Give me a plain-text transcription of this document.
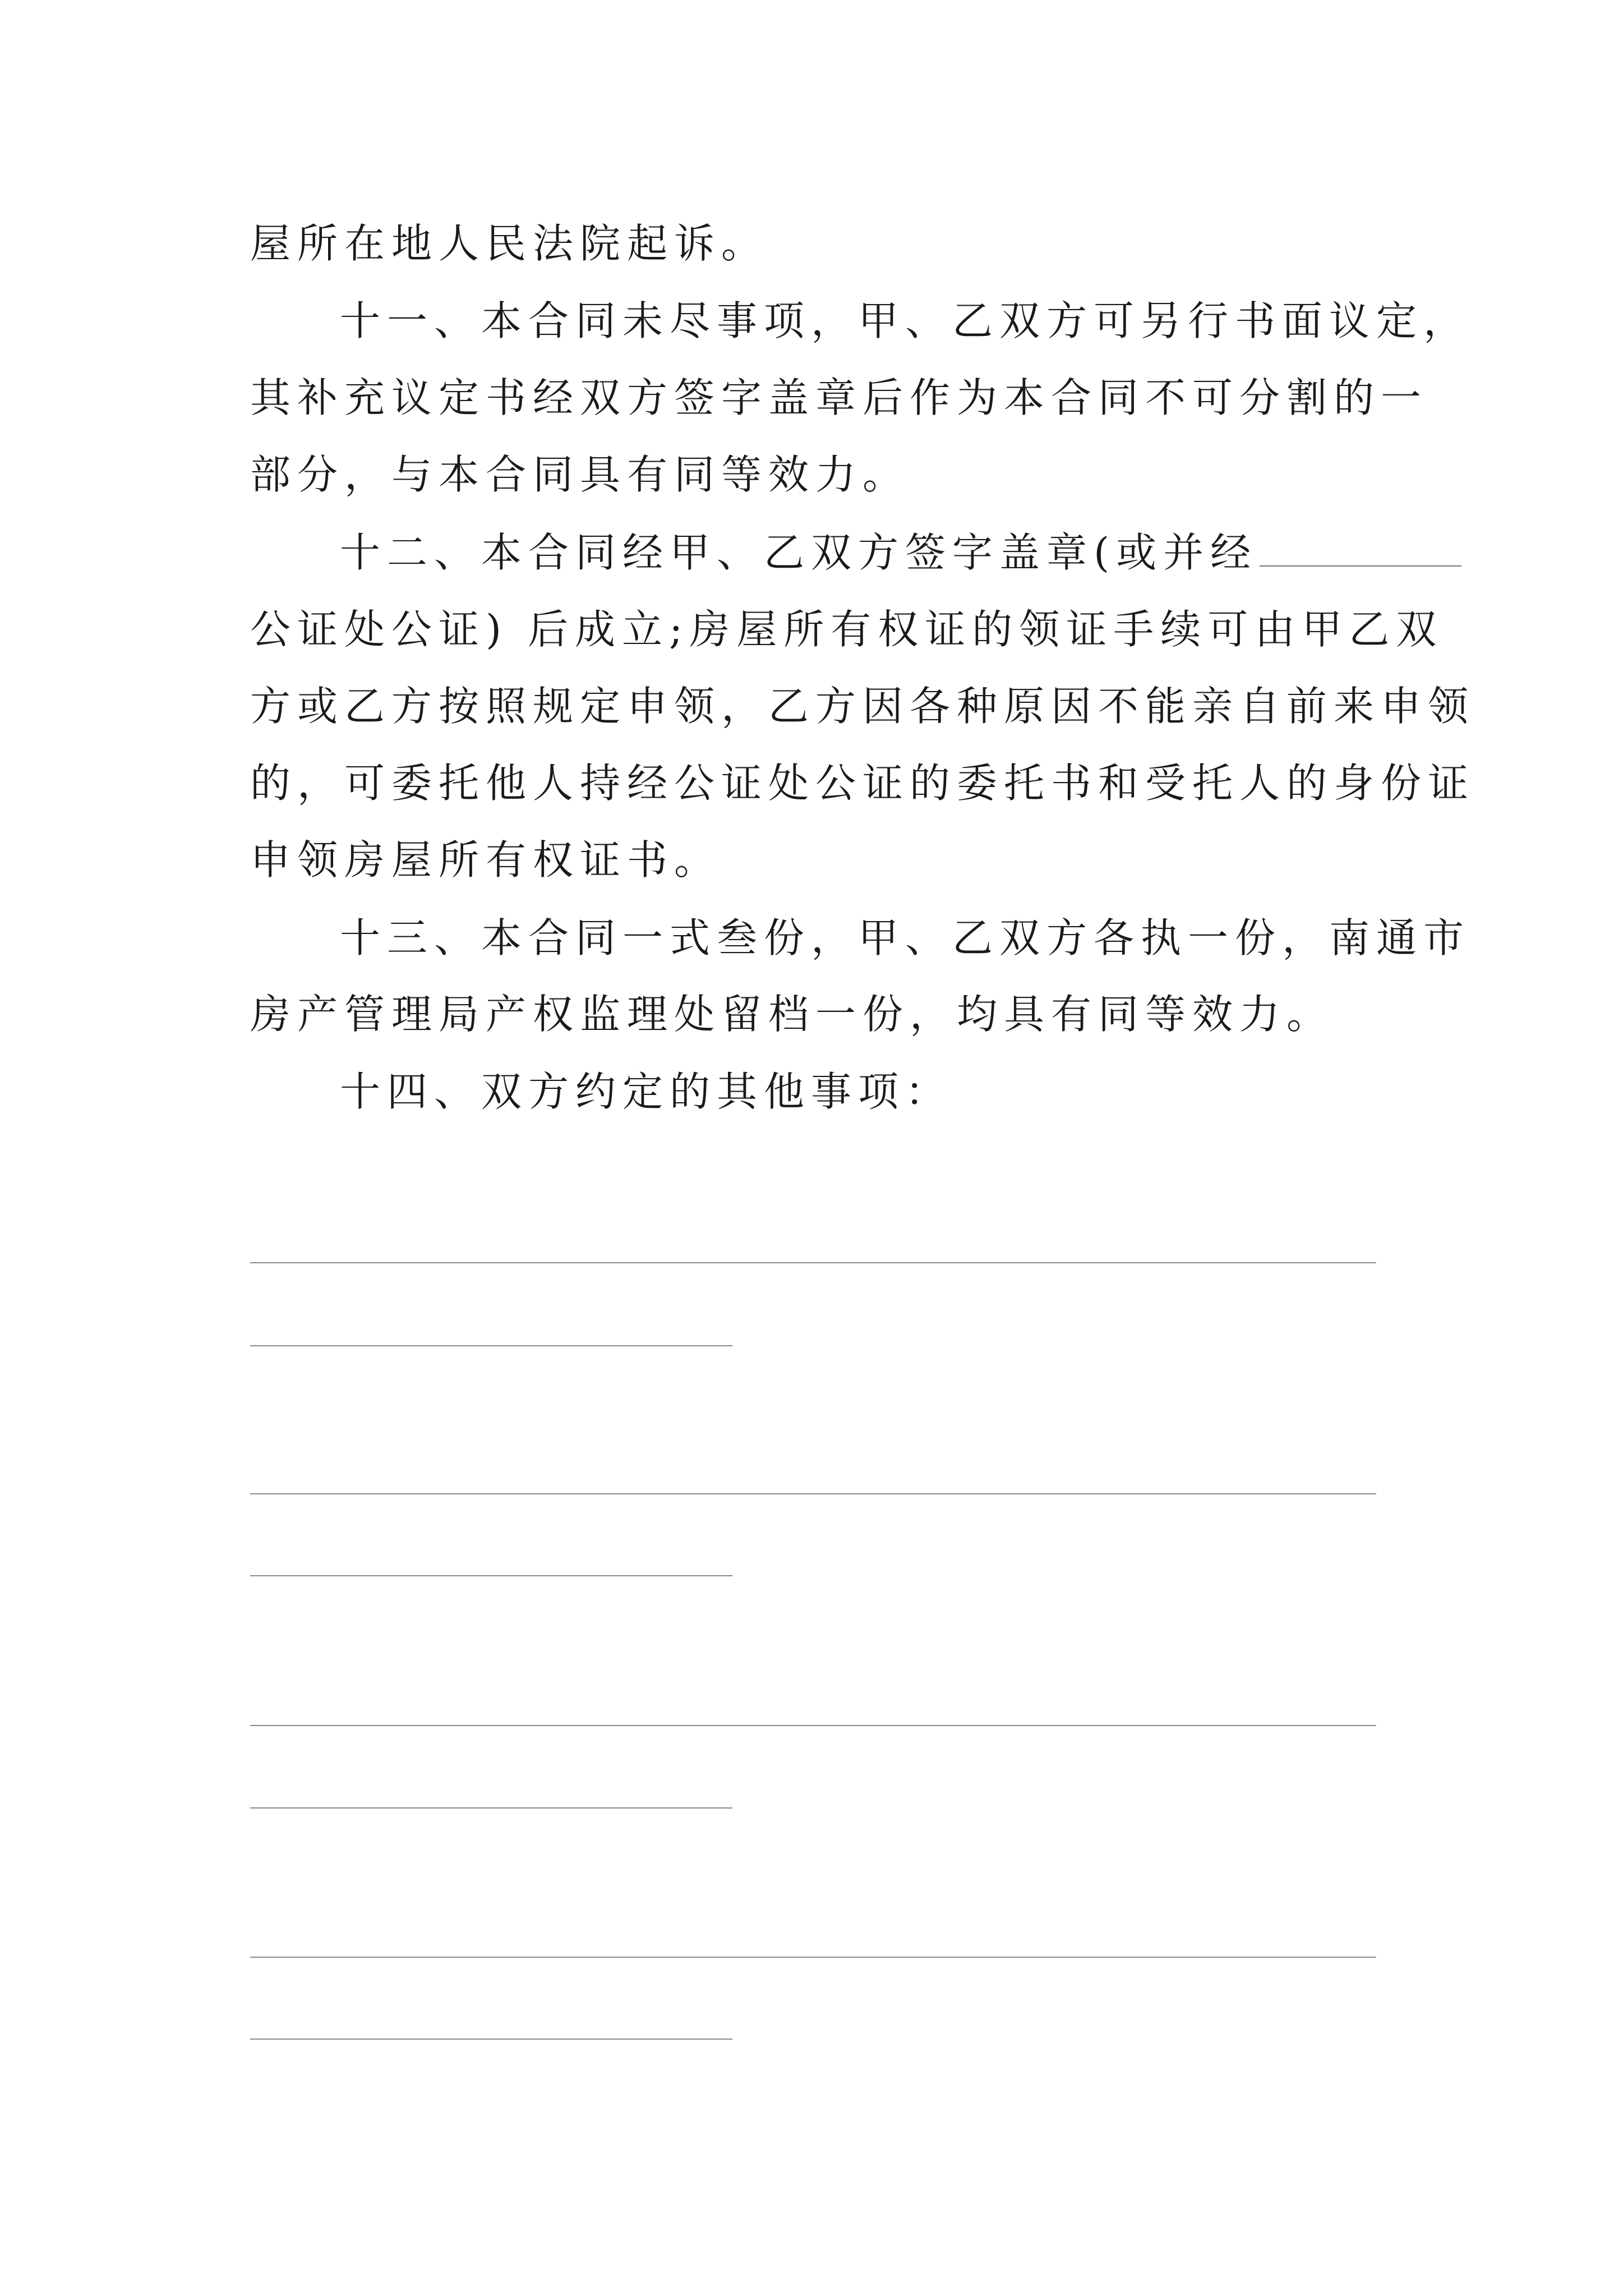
屋所在地人民法院起诉。
十一、本合同未尽事项，甲、乙双方可另行书面议定，
其补充议定书经双方签字盖章后作为本合同不可分割的一
部分，与本合同具有同等效力。
十二、本合同经甲、乙双方签字盖章(或并经
公证处公证) 后成立;房屋所有权证的领证手续可由甲乙双
方或乙方按照规定申领，乙方因各种原因不能亲自前来申领
的，可委托他人持经公证处公证的委托书和受托人的身份证
申领房屋所有权证书。
十三、本合同一式叁份，甲、乙双方各执一份，南通市
房产管理局产权监理处留档一份，均具有同等效力。
十四、双方约定的其他事项：
